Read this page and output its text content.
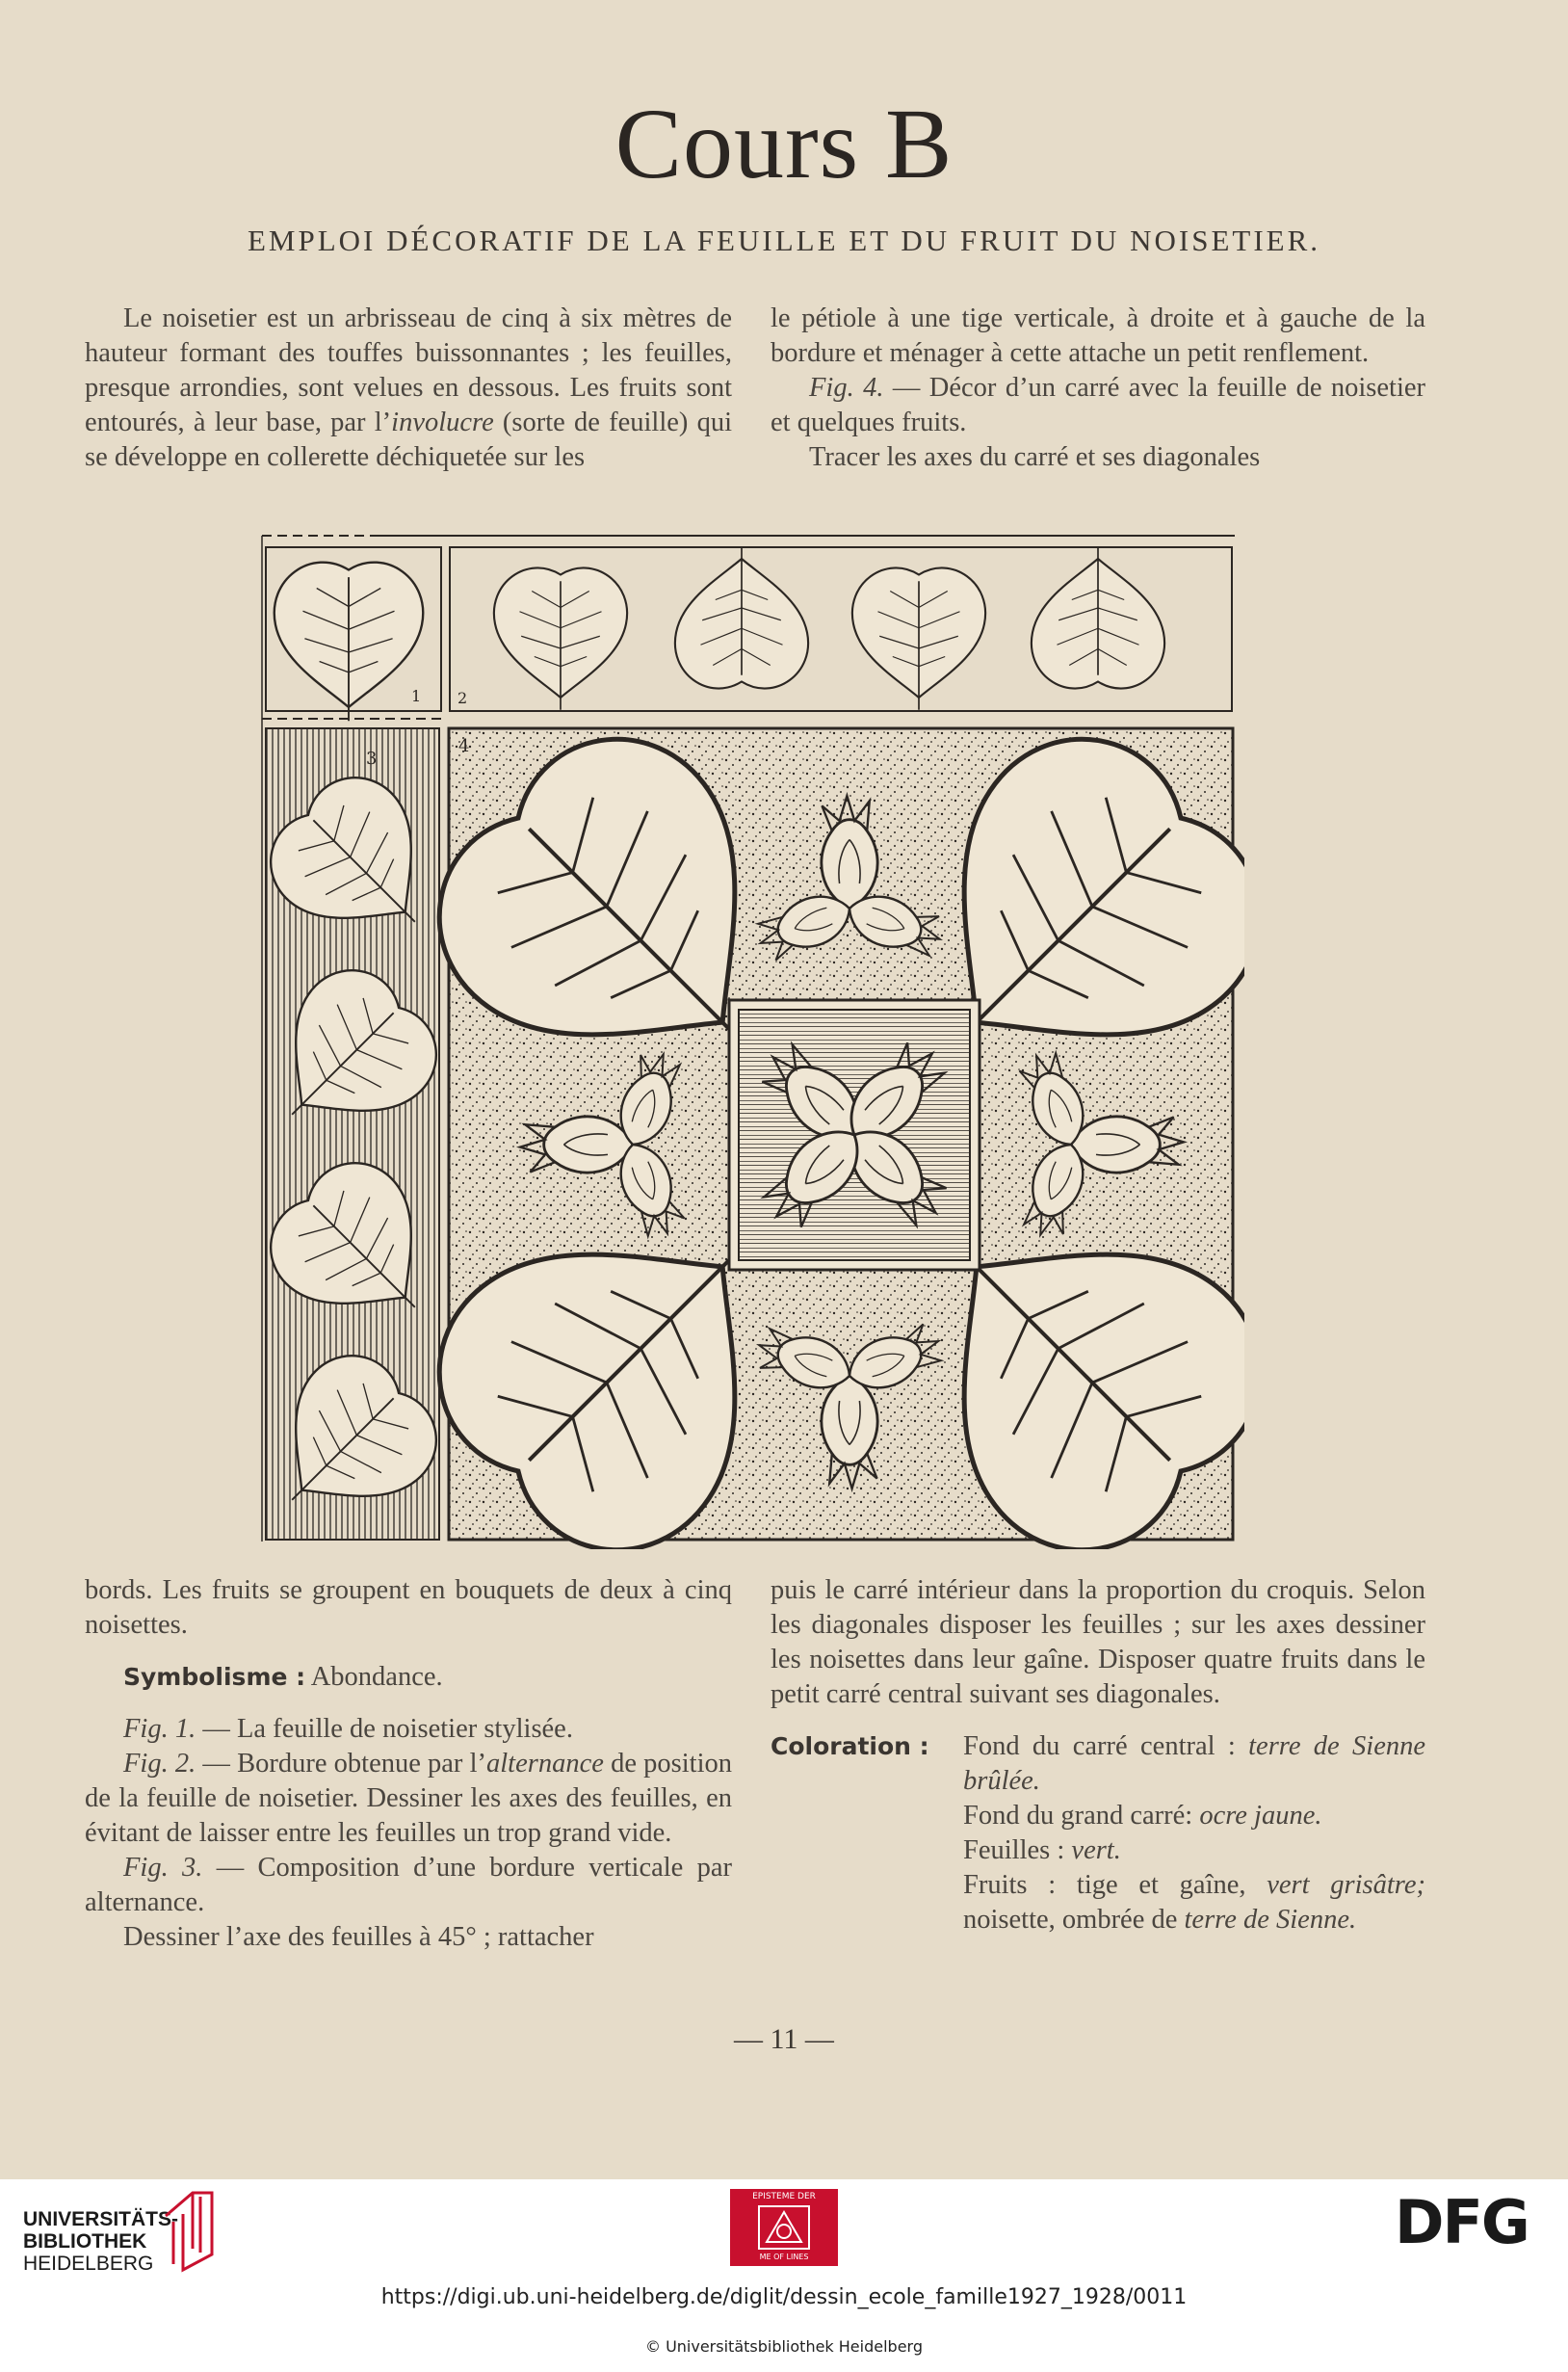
Cours B
EMPLOI DÉCORATIF DE LA FEUILLE ET DU FRUIT DU NOISETIER.

Le noisetier est un arbrisseau de cinq à six mètres de hauteur formant des touffes buissonnantes ; les feuilles, presque arrondies, sont velues en dessous. Les fruits sont entourés, à leur base, par l’involucre (sorte de feuille) qui se développe en collerette déchiquetée sur les

le pétiole à une tige verticale, à droite et à gauche de la bordure et ménager à cette attache un petit renflement.

Fig. 4. — Décor d’un carré avec la feuille de noisetier et quelques fruits.

Tracer les axes du carré et ses diagonales

1 2
3
4

bords. Les fruits se groupent en bouquets de deux à cinq noisettes.

Symbolisme : Abondance.

Fig. 1. — La feuille de noisetier stylisée.

Fig. 2. — Bordure obtenue par l’alternance de position de la feuille de noisetier. Dessiner les axes des feuilles, en évitant de laisser entre les feuilles un trop grand vide.

Fig. 3. — Composition d’une bordure verticale par alternance.

Dessiner l’axe des feuilles à 45° ; rattacher

puis le carré intérieur dans la proportion du croquis. Selon les diagonales disposer les feuilles ; sur les axes dessiner les noisettes dans leur gaîne. Disposer quatre fruits dans le petit carré central suivant ses diagonales.

Coloration : Fond du carré central : terre de Sienne brûlée.

Fond du grand carré: ocre jaune.

Feuilles : vert.

Fruits : tige et gaîne, vert grisâtre; noisette, ombrée de terre de Sienne.

— 11 —
UNIVERSITÄTS-
BIBLIOTHEK
HEIDELBERG
EPISTEME DER
ME OF LINES	DFG
https://digi.ub.uni-heidelberg.de/diglit/dessin_ecole_famille1927_1928/0011
© Universitätsbibliothek Heidelberg
